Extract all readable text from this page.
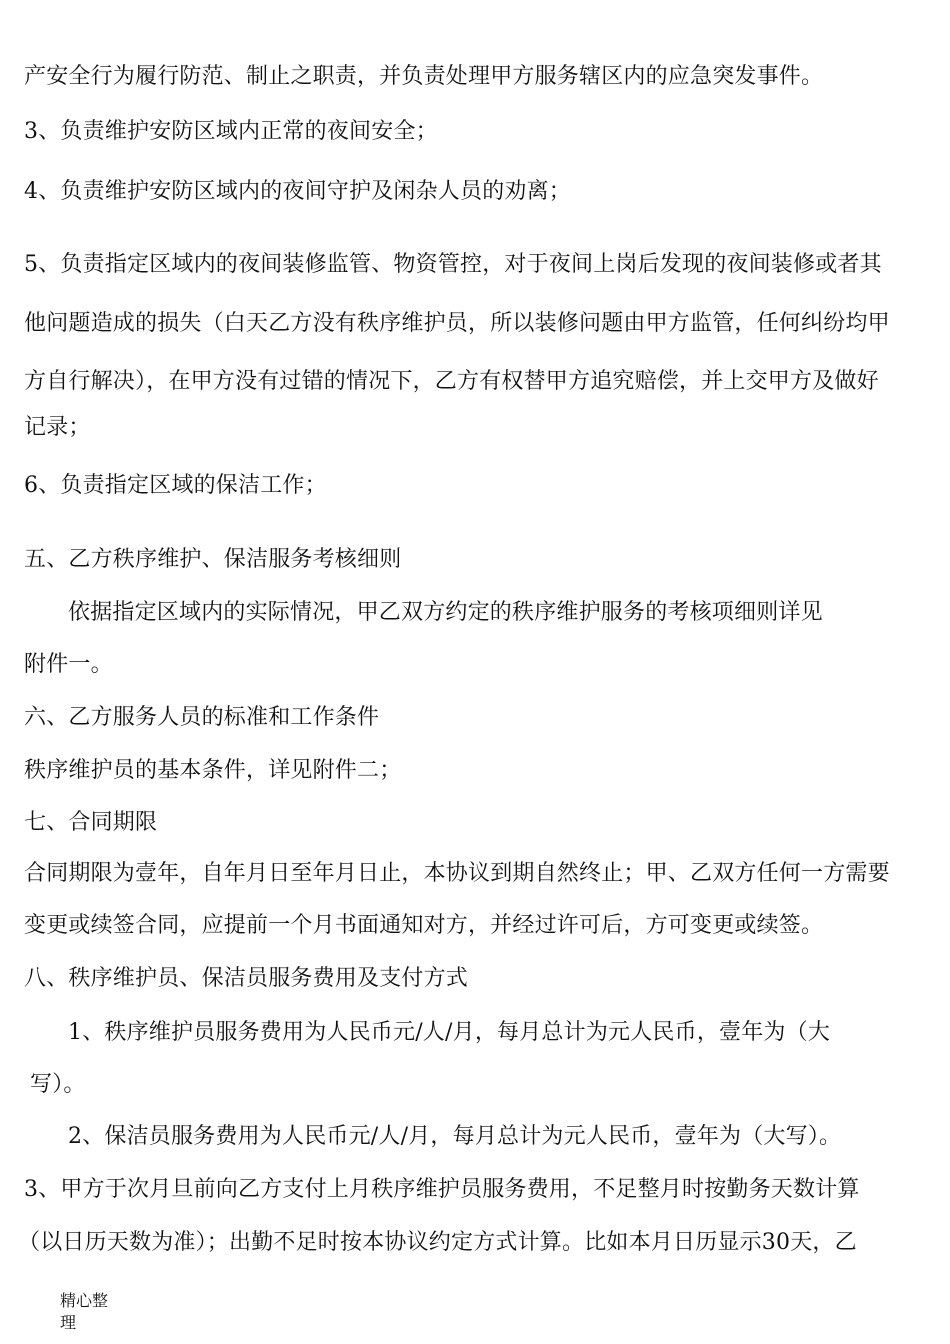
产安全行为履行防范、制止之职责，并负责处理甲方服务辖区内的应急突发事件。
3、负责维护安防区域内正常的夜间安全；
4、负责维护安防区域内的夜间守护及闲杂人员的劝离；
5、负责指定区域内的夜间装修监管、物资管控，对于夜间上岗后发现的夜间装修或者其
他问题造成的损失（白天乙方没有秩序维护员，所以装修问题由甲方监管，任何纠纷均甲
方自行解决），在甲方没有过错的情况下，乙方有权替甲方追究赔偿，并上交甲方及做好
记录；
6、负责指定区域的保洁工作；
五、乙方秩序维护、保洁服务考核细则
依据指定区域内的实际情况，甲乙双方约定的秩序维护服务的考核项细则详见
附件一。
六、乙方服务人员的标准和工作条件
秩序维护员的基本条件，详见附件二；
七、合同期限
合同期限为壹年，自年月日至年月日止，本协议到期自然终止；甲、乙双方任何一方需要
变更或续签合同，应提前一个月书面通知对方，并经过许可后，方可变更或续签。
八、秩序维护员、保洁员服务费用及支付方式
1、秩序维护员服务费用为人民币元/人/月，每月总计为元人民币，壹年为（大
写）。
2、保洁员服务费用为人民币元/人/月，每月总计为元人民币，壹年为（大写）。
3、甲方于次月旦前向乙方支付上月秩序维护员服务费用，不足整月时按勤务天数计算
（以日历天数为准）；出勤不足时按本协议约定方式计算。比如本月日历显示30天，乙
精心整理
